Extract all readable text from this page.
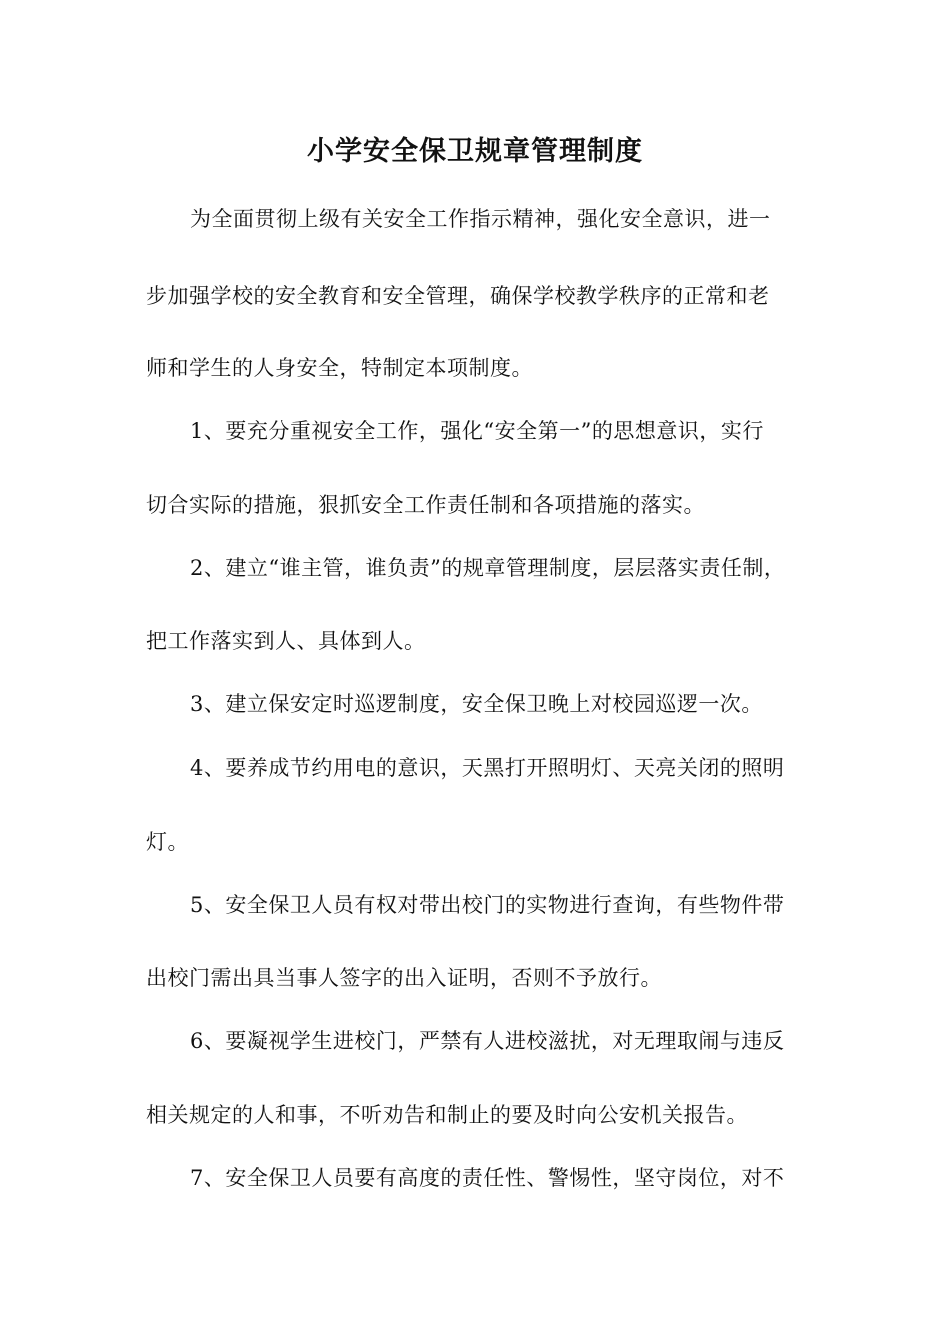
小学安全保卫规章管理制度
为全面贯彻上级有关安全工作指示精神，强化安全意识，进一
步加强学校的安全教育和安全管理，确保学校教学秩序的正常和老
师和学生的人身安全，特制定本项制度。
1、要充分重视安全工作，强化“安全第一”的思想意识，实行
切合实际的措施，狠抓安全工作责任制和各项措施的落实。
2、建立“谁主管，谁负责”的规章管理制度，层层落实责任制，
把工作落实到人、具体到人。
3、建立保安定时巡逻制度，安全保卫晚上对校园巡逻一次。
4、要养成节约用电的意识，天黑打开照明灯、天亮关闭的照明
灯。
5、安全保卫人员有权对带出校门的实物进行查询，有些物件带
出校门需出具当事人签字的出入证明，否则不予放行。
6、要凝视学生进校门，严禁有人进校滋扰，对无理取闹与违反
相关规定的人和事，不听劝告和制止的要及时向公安机关报告。
7、安全保卫人员要有高度的责任性、警惕性，坚守岗位，对不
